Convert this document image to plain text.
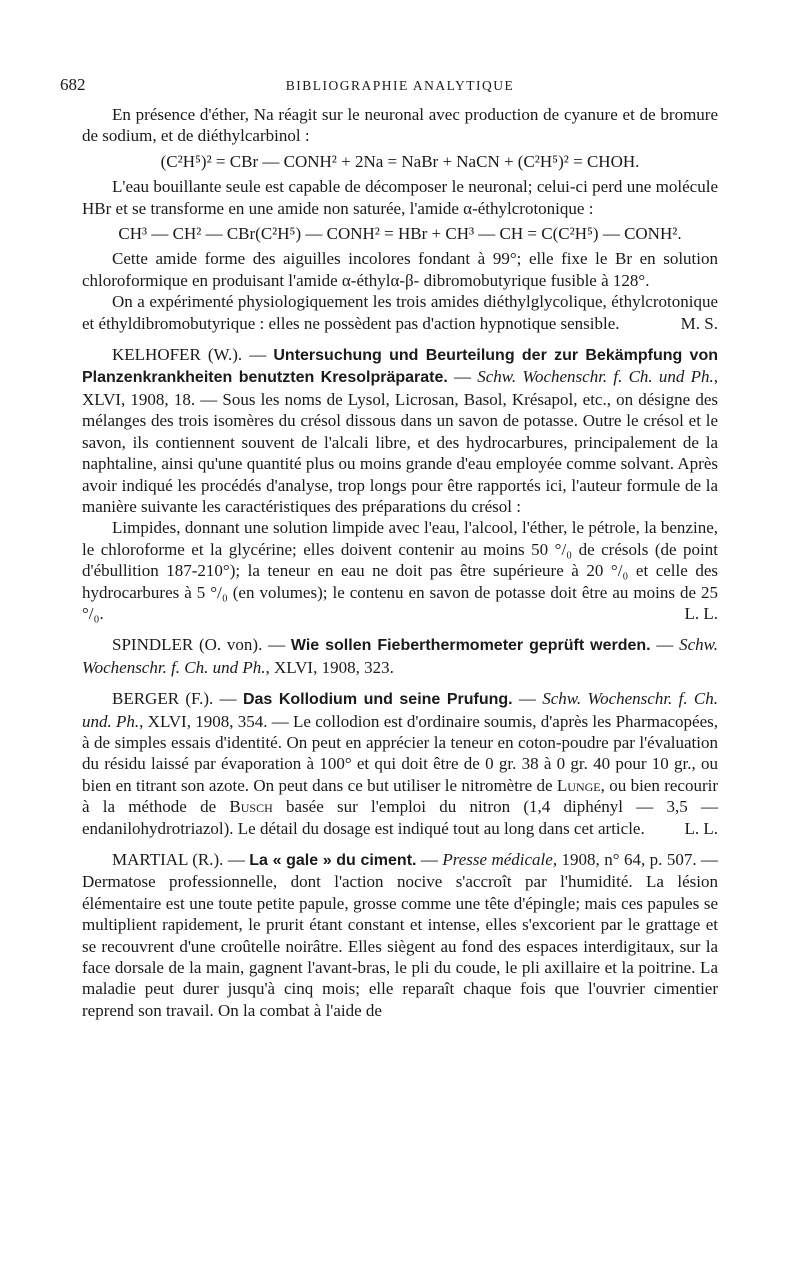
682	BIBLIOGRAPHIE ANALYTIQUE

En présence d'éther, Na réagit sur le neuronal avec production de cyanure et de bromure de sodium, et de diéthylcarbinol :

(C²H⁵)² = CBr — CONH² + 2Na = NaBr + NaCN + (C²H⁵)² = CHOH.

L'eau bouillante seule est capable de décomposer le neuronal; celui-ci perd une molécule HBr et se transforme en une amide non saturée, l'amide α-éthylcrotonique :

CH³ — CH² — CBr(C²H⁵) — CONH² = HBr + CH³ — CH = C(C²H⁵) — CONH².

Cette amide forme des aiguilles incolores fondant à 99°; elle fixe le Br en solution chloroformique en produisant l'amide α-éthylα-β- dibromobutyrique fusible à 128°.

On a expérimenté physiologiquement les trois amides diéthylglycolique, éthylcrotonique et éthyldibromobutyrique : elles ne possèdent pas d'action hypnotique sensible.	M. S.

KELHOFER (W.). — Untersuchung und Beurteilung der zur Bekämpfung von Planzenkrankheiten benutzten Kresolpräparate. — Schw. Wochenschr. f. Ch. und Ph., XLVI, 1908, 18. — Sous les noms de Lysol, Licrosan, Basol, Krésapol, etc., on désigne des mélanges des trois isomères du crésol dissous dans un savon de potasse. Outre le crésol et le savon, ils contiennent souvent de l'alcali libre, et des hydrocarbures, principalement de la naphtaline, ainsi qu'une quantité plus ou moins grande d'eau employée comme solvant. Après avoir indiqué les procédés d'analyse, trop longs pour être rapportés ici, l'auteur formule de la manière suivante les caractéristiques des préparations du crésol :

Limpides, donnant une solution limpide avec l'eau, l'alcool, l'éther, le pétrole, la benzine, le chloroforme et la glycérine; elles doivent contenir au moins 50 °/₀ de crésols (de point d'ébullition 187-210°); la teneur en eau ne doit pas être supérieure à 20 °/₀ et celle des hydrocarbures à 5 °/₀ (en volumes); le contenu en savon de potasse doit être au moins de 25 °/₀.	L. L.

SPINDLER (O. von). — Wie sollen Fieberthermometer geprüft werden. — Schw. Wochenschr. f. Ch. und Ph., XLVI, 1908, 323.

BERGER (F.). — Das Kollodium und seine Prufung. — Schw. Wochenschr. f. Ch. und. Ph., XLVI, 1908, 354. — Le collodion est d'ordinaire soumis, d'après les Pharmacopées, à de simples essais d'identité. On peut en apprécier la teneur en coton-poudre par l'évaluation du résidu laissé par évaporation à 100° et qui doit être de 0 gr. 38 à 0 gr. 40 pour 10 gr., ou bien en titrant son azote. On peut dans ce but utiliser le nitromètre de Lunge, ou bien recourir à la méthode de Busch basée sur l'emploi du nitron (1,4 diphényl — 3,5 — endanilohydrotriazol). Le détail du dosage est indiqué tout au long dans cet article.	L. L.

MARTIAL (R.). — La « gale » du ciment. — Presse médicale, 1908, n° 64, p. 507. — Dermatose professionnelle, dont l'action nocive s'accroît par l'humidité. La lésion élémentaire est une toute petite papule, grosse comme une tête d'épingle; mais ces papules se multiplient rapidement, le prurit étant constant et intense, elles s'excorient par le grattage et se recouvrent d'une croûtelle noirâtre. Elles siègent au fond des espaces interdigitaux, sur la face dorsale de la main, gagnent l'avant-bras, le pli du coude, le pli axillaire et la poitrine. La maladie peut durer jusqu'à cinq mois; elle reparaît chaque fois que l'ouvrier cimentier reprend son travail. On la combat à l'aide de
